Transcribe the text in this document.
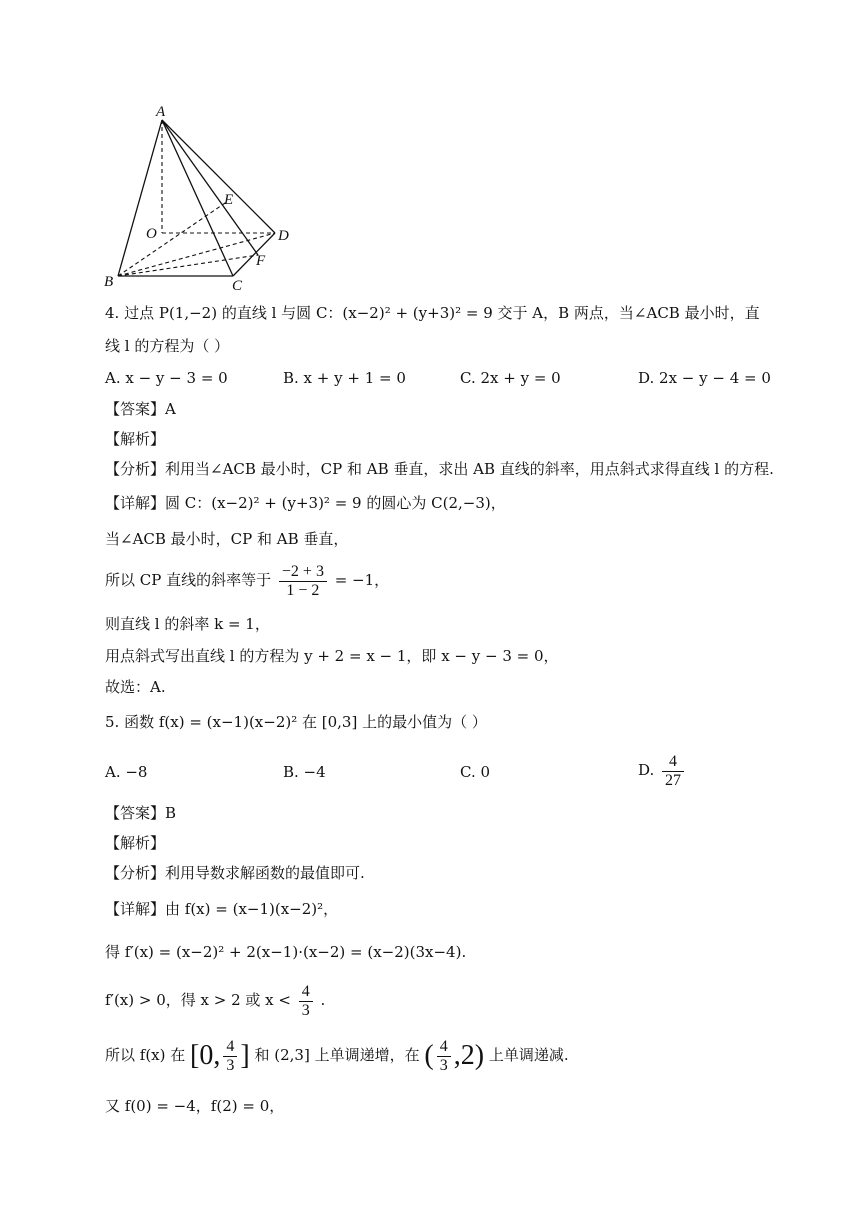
A
E
O	D
F
B	C
4. 过点 P(1,−2) 的直线 l 与圆 C：(x−2)² + (y+3)² = 9 交于 A，B 两点，当∠ACB 最小时，直
线 l 的方程为（ ）
A. x − y − 3 = 0	B. x + y + 1 = 0	C. 2x + y = 0	D. 2x − y − 4 = 0
【答案】A
【解析】
【分析】利用当∠ACB 最小时，CP 和 AB 垂直，求出 AB 直线的斜率，用点斜式求得直线 l 的方程.
【详解】圆 C：(x−2)² + (y+3)² = 9 的圆心为 C(2,−3)，
当∠ACB 最小时，CP 和 AB 垂直，
所以 CP 直线的斜率等于 $\frac{-2 + 3}{1 - 2} = -1$，
则直线 l 的斜率 k = 1，
用点斜式写出直线 l 的方程为 y + 2 = x − 1，即 x − y − 3 = 0，
故选：A.
5. 函数 f(x) = (x−1)(x−2)² 在 [0,3] 上的最小值为（ ）
A. −8	B. −4	C. 0	D. $\frac{4}{27}$
【答案】B
【解析】
【分析】利用导数求解函数的最值即可.
【详解】由 f(x) = (x−1)(x−2)²，
得 f′(x) = (x−2)² + 2(x−1)·(x−2) = (x−2)(3x−4).
f′(x) > 0，得 x > 2 或 $x < \frac{4}{3}$ .
所以 f(x) 在 [0, $\frac{4}{3}$ ] 和 (2,3] 上单调递增，在 ( $\frac{4}{3} ,2$) 上单调递减.
又 f(0) = −4，f(2) = 0，
